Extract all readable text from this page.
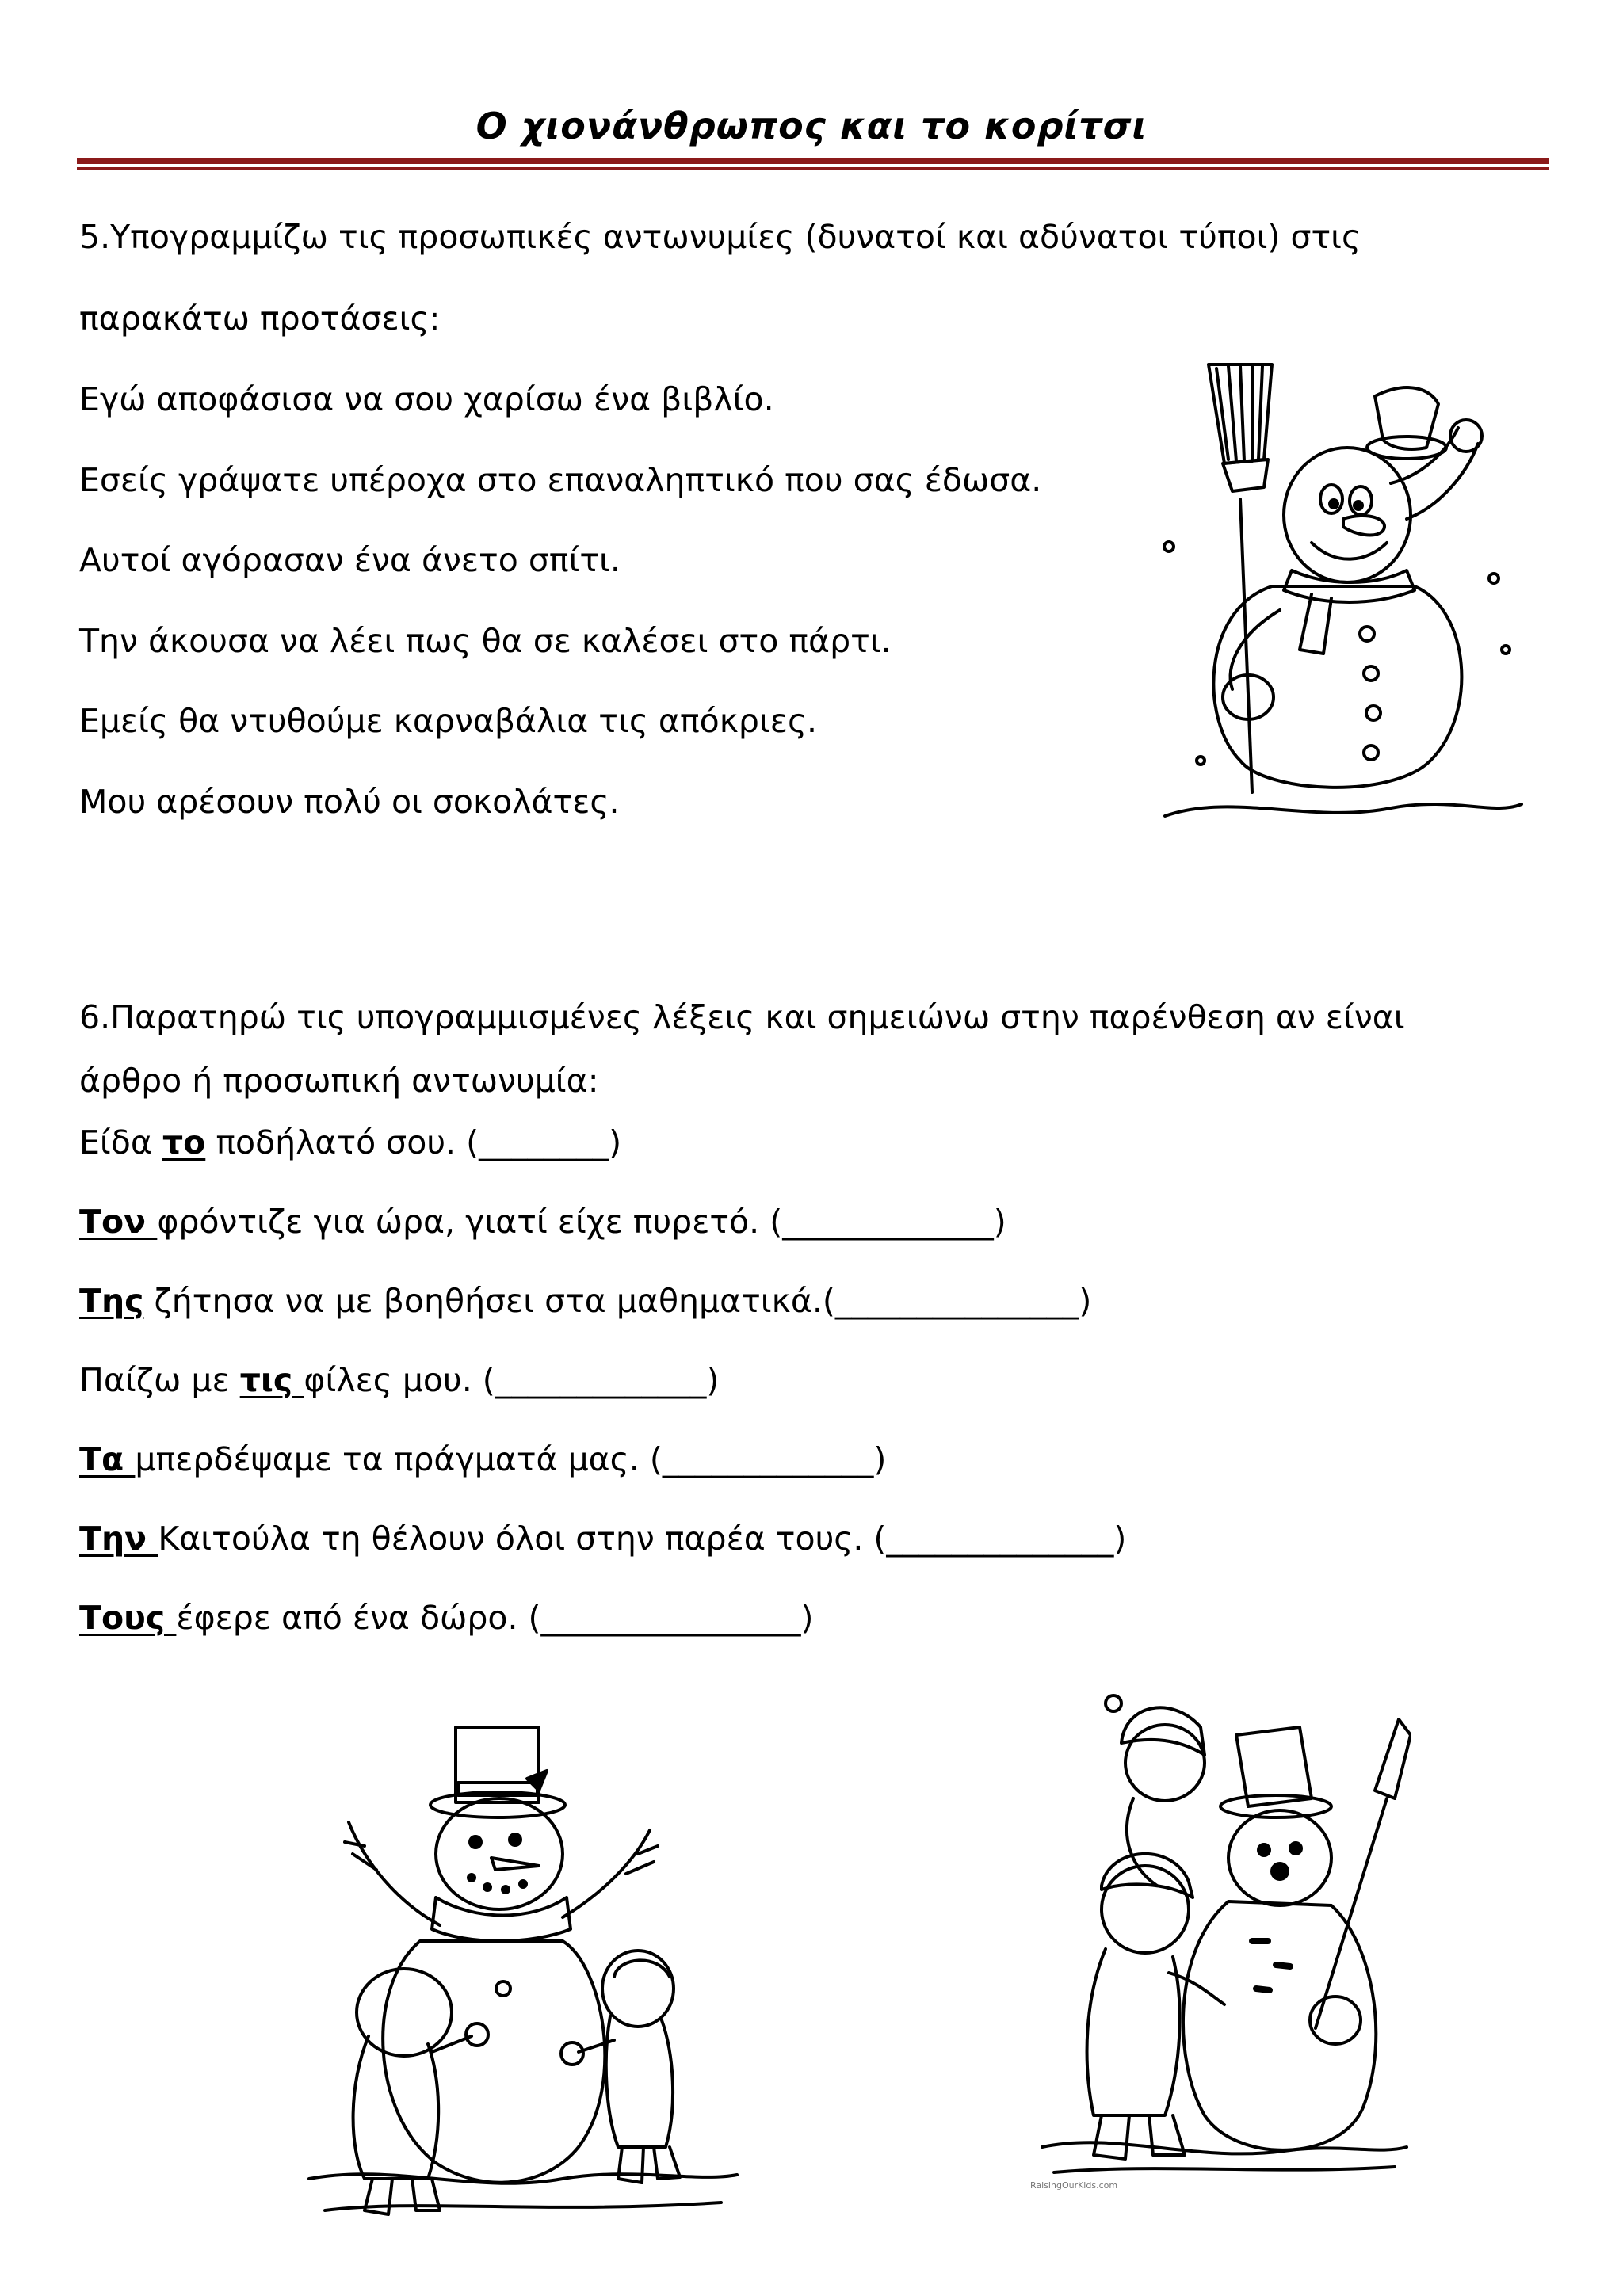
Ο χιονάνθρωπος και το κορίτσι
5.Υπογραμμίζω τις προσωπικές αντωνυμίες (δυνατοί και αδύνατοι τύποι) στις
παρακάτω προτάσεις:
Εγώ αποφάσισα να σου χαρίσω ένα βιβλίο.
Εσείς γράψατε υπέροχα στο επαναληπτικό που σας έδωσα.
Αυτοί αγόρασαν ένα άνετο σπίτι.
Την άκουσα να λέει πως θα σε καλέσει στο πάρτι.
Εμείς θα ντυθούμε καρναβάλια τις απόκριες.
Μου αρέσουν πολύ οι σοκολάτες.
6.Παρατηρώ τις υπογραμμισμένες λέξεις και σημειώνω στην παρένθεση αν είναι
άρθρο ή προσωπική αντωνυμία:
Είδα το ποδήλατό σου. (________)
Τον φρόντιζε για ώρα, γιατί είχε πυρετό. (_____________)
Της ζήτησα να με βοηθήσει στα μαθηματικά.(_______________)
Παίζω με τις φίλες μου. (_____________)
Τα μπερδέψαμε τα πράγματά μας. (_____________)
Την Καιτούλα τη θέλουν όλοι στην παρέα τους. (______________)
Τους έφερε από ένα δώρο. (________________)
RaisingOurKids.com
